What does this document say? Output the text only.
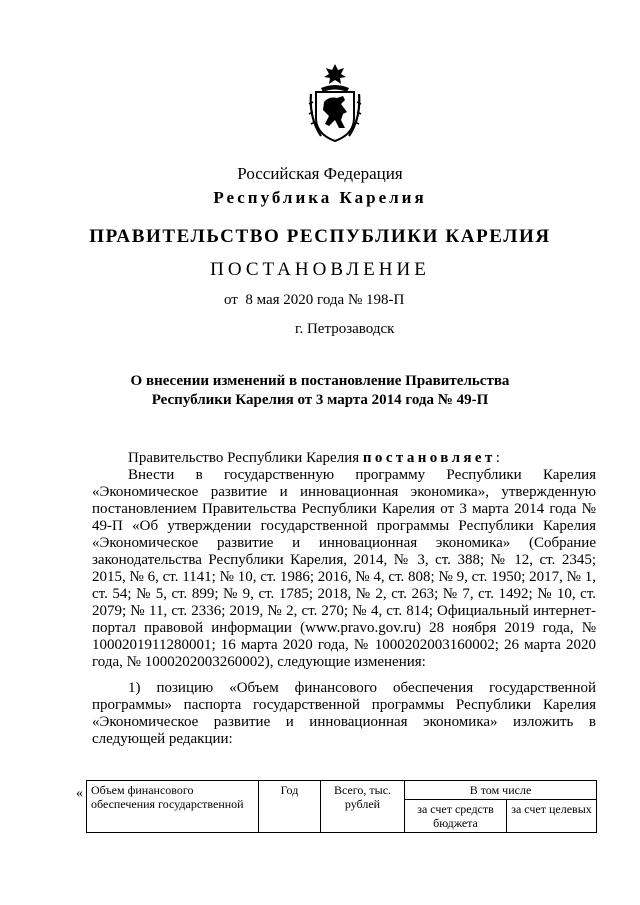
Российская Федерация
Республика Карелия
ПРАВИТЕЛЬСТВО РЕСПУБЛИКИ КАРЕЛИЯ
ПОСТАНОВЛЕНИЕ
от  8 мая 2020 года № 198-П
г. Петрозаводск
О внесении изменений в постановление Правительства
Республики Карелия от 3 марта 2014 года № 49-П
Правительство Республики Карелия постановляет:
Внести в государственную программу Республики Карелия «Экономическое развитие и инновационная экономика», утвержденную постановлением Правительства Республики Карелия от 3 марта 2014 года № 49-П «Об утверждении государственной программы Республики Карелия «Экономическое развитие и инновационная экономика» (Собрание законодательства Республики Карелия, 2014, № 3, ст. 388; № 12, ст. 2345; 2015, № 6, ст. 1141; № 10, ст. 1986; 2016, № 4, ст. 808; № 9, ст. 1950; 2017, № 1, ст. 54; № 5, ст. 899; № 9, ст. 1785; 2018, № 2, ст. 263; № 7, ст. 1492; № 10, ст. 2079; № 11, ст. 2336; 2019, № 2, ст. 270; № 4, ст. 814; Официальный интернет-портал правовой информации (www.pravo.gov.ru) 28 ноября 2019 года, № 1000201911280001; 16 марта 2020 года, № 1000202003160002; 26 марта 2020 года, № 1000202003260002), следующие изменения:
1) позицию «Объем финансового обеспечения государственной программы» паспорта государственной программы Республики Карелия «Экономическое развитие и инновационная экономика» изложить в следующей редакции:
« Объем финансового обеспечения государственной	Год	Всего, тыс. рублей	В том числе	
			за счет средств бюджета	за счет целевых
